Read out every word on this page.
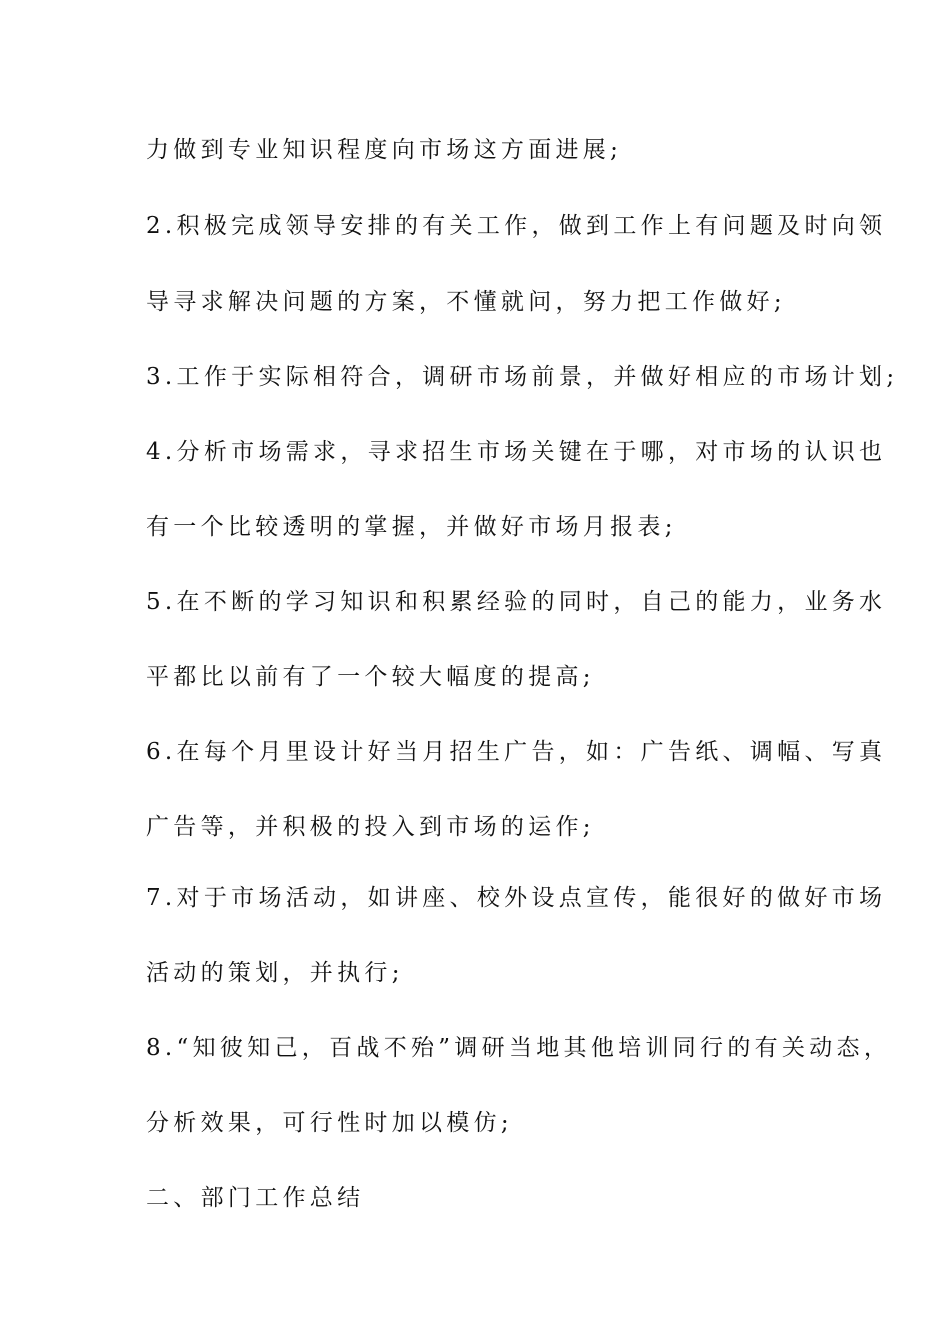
力做到专业知识程度向市场这方面进展;
2.积极完成领导安排的有关工作，做到工作上有问题及时向领
导寻求解决问题的方案，不懂就问，努力把工作做好;
3.工作于实际相符合，调研市场前景，并做好相应的市场计划;
4.分析市场需求，寻求招生市场关键在于哪，对市场的认识也
有一个比较透明的掌握，并做好市场月报表;
5.在不断的学习知识和积累经验的同时，自己的能力，业务水
平都比以前有了一个较大幅度的提高;
6.在每个月里设计好当月招生广告，如：广告纸、调幅、写真
广告等，并积极的投入到市场的运作;
7.对于市场活动，如讲座、校外设点宣传，能很好的做好市场
活动的策划，并执行;
8.“知彼知己，百战不殆”调研当地其他培训同行的有关动态，
分析效果，可行性时加以模仿;
二、部门工作总结
